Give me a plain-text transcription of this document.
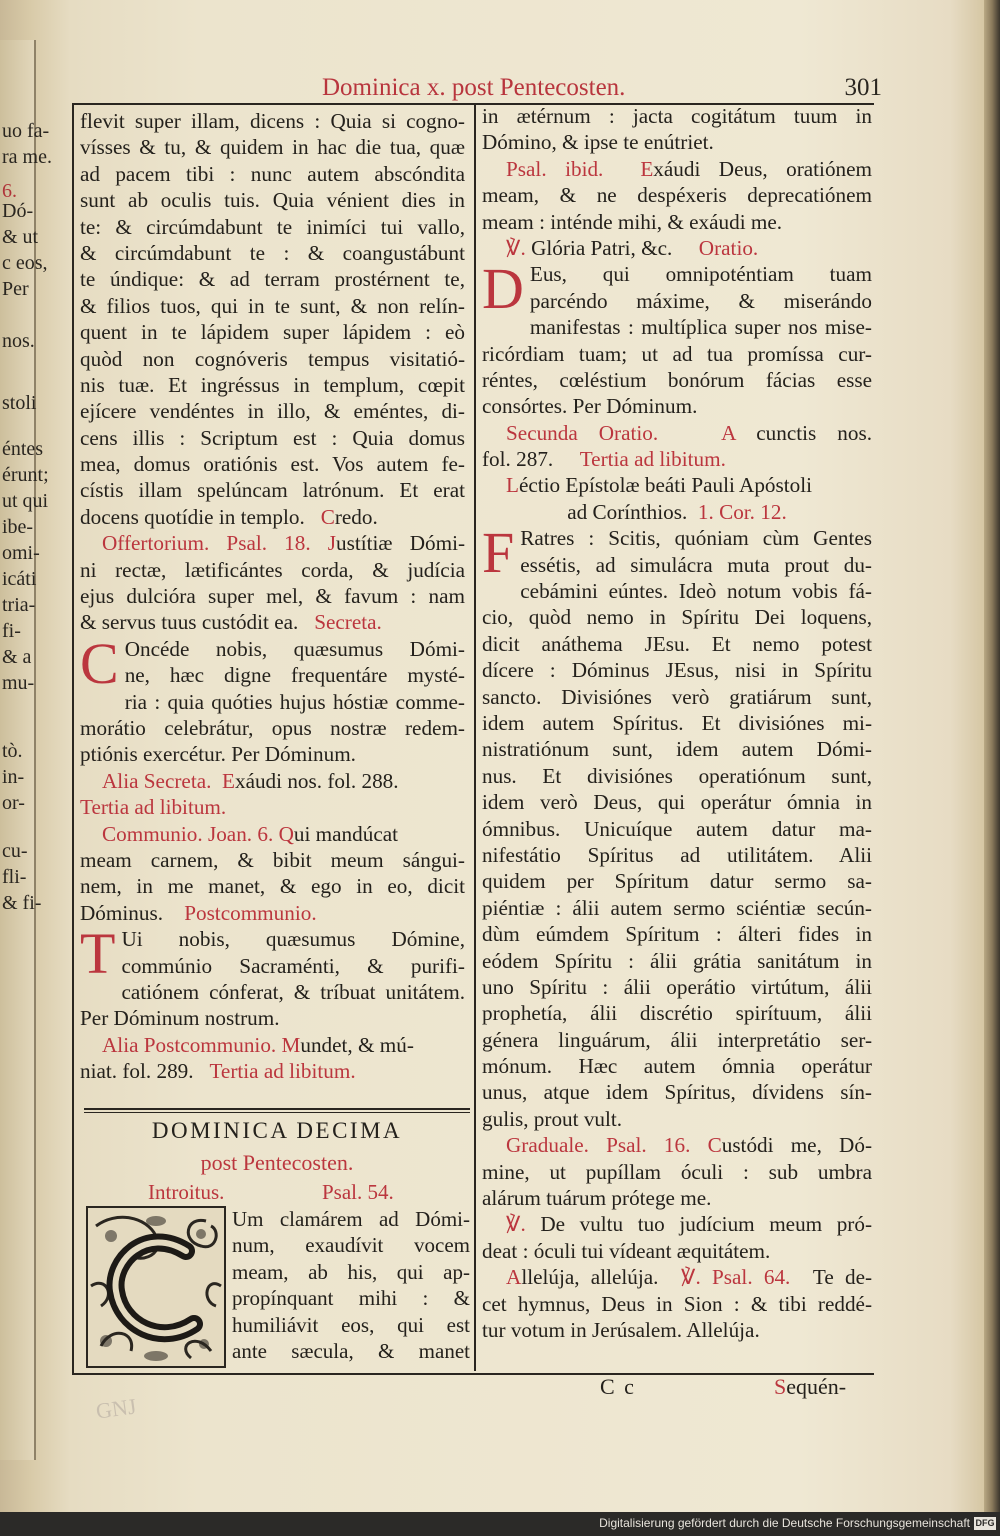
uo fa-
ra me.
6.
Dó-
& ut
c eos,
Per
nos.
stoli
éntes
érunt;
ut qui
ibe-
omi-
icáti
tria-
fi-
& a
mu-
tò.
in-
or-
cu-
fli-
& fi-
Dominica x. post Pentecosten.	301
flevit super illam, dicens : Quia si cogno-
vísses & tu, & quidem in hac die tua, quæ
ad pacem tibi : nunc autem abscóndita
sunt ab oculis tuis. Quia vénient dies in
te: & circúmdabunt te inimíci tui vallo,
& circúmdabunt te : & coangustábunt
te úndique: & ad terram prostérnent te,
& filios tuos, qui in te sunt, & non relín-
quent in te lápidem super lápidem : eò
quòd non cognóveris tempus visitatió-
nis tuæ. Et ingréssus in templum, cœpit
ejícere vendéntes in illo, & eméntes, di-
cens illis : Scriptum est : Quia domus
mea, domus oratiónis est. Vos autem fe-
cístis illam spelúncam latrónum. Et erat
docens quotídie in templo. Credo.
Offertorium. Psal. 18. Justítiæ Dómi-
ni rectæ, lætificántes corda, & judícia
ejus dulcióra super mel, & favum : nam
& servus tuus custódit ea. Secreta.
C Oncéde nobis, quæsumus Dómi-
ne, hæc digne frequentáre mysté-
ria : quia quóties hujus hóstiæ comme-
morátio celebrátur, opus nostræ redem-
ptiónis exercétur. Per Dóminum.
Alia Secreta. Exáudi nos. fol. 288.
Tertia ad libitum.
Communio. Joan. 6. Qui mandúcat
meam carnem, & bibit meum sángui-
nem, in me manet, & ego in eo, dicit
Dóminus. Postcommunio.
T Ui nobis, quæsumus Dómine,
commúnio Sacraménti, & purifi-
catiónem cónferat, & tríbuat unitátem.
Per Dóminum nostrum.
Alia Postcommunio. Mundet, & mú-
niat. fol. 289. Tertia ad libitum.
DOMINICA DECIMA
post Pentecosten.
Introitus.	Psal. 54.
Um clamárem ad Dómi-
num, exaudívit vocem
meam, ab his, qui ap-
propínquant mihi : &
humiliávit eos, qui est
ante sæcula, & manet
in ætérnum : jacta cogitátum tuum in
Dómino, & ipse te enútriet.
Psal. ibid. Exáudi Deus, oratiónem
meam, & ne despéxeris deprecatiónem
meam : inténde mihi, & exáudi me.
℣. Glória Patri, &c. Oratio.
D Eus, qui omnipoténtiam tuam
parcéndo máxime, & miserándo
manifestas : multíplica super nos mise-
ricórdiam tuam; ut ad tua promíssa cur-
réntes, cœléstium bonórum fácias esse
consórtes. Per Dóminum.
Secunda Oratio.	A cunctis nos.
fol. 287. Tertia ad libitum.
Léctio Epístolæ beáti Pauli Apóstoli
ad Corínthios. 1. Cor. 12.
F Ratres : Scitis, quóniam cùm Gentes
essétis, ad simulácra muta prout du-
cebámini eúntes. Ideò notum vobis fá-
cio, quòd nemo in Spíritu Dei loquens,
dicit anáthema JEsu. Et nemo potest
dícere : Dóminus JEsus, nisi in Spíritu
sancto. Divisiónes verò gratiárum sunt,
idem autem Spíritus. Et divisiónes mi-
nistratiónum sunt, idem autem Dómi-
nus. Et divisiónes operatiónum sunt,
idem verò Deus, qui operátur ómnia in
ómnibus. Unicuíque autem datur ma-
nifestátio Spíritus ad utilitátem. Alii
quidem per Spíritum datur sermo sa-
piéntiæ : álii autem sermo sciéntiæ secún-
dùm eúmdem Spíritum : álteri fides in
eódem Spíritu : álii grátia sanitátum in
uno Spíritu : álii operátio virtútum, álii
prophetía, álii discrétio spirítuum, álii
génera linguárum, álii interpretátio ser-
mónum. Hæc autem ómnia operátur
unus, atque idem Spíritus, dívidens sín-
gulis, prout vult.
Graduale. Psal. 16. Custódi me, Dó-
mine, ut pupíllam óculi : sub umbra
alárum tuárum prótege me.
℣. De vultu tuo judícium meum pró-
deat : óculi tui vídeant æquitátem.
Allelúja, allelúja. ℣. Psal. 64. Te de-
cet hymnus, Deus in Sion : & tibi reddé-
tur votum in Jerúsalem. Allelúja.
C c	Sequén-
GNJ
Digitalisierung gefördert durch die Deutsche Forschungsgemeinschaft DFG
